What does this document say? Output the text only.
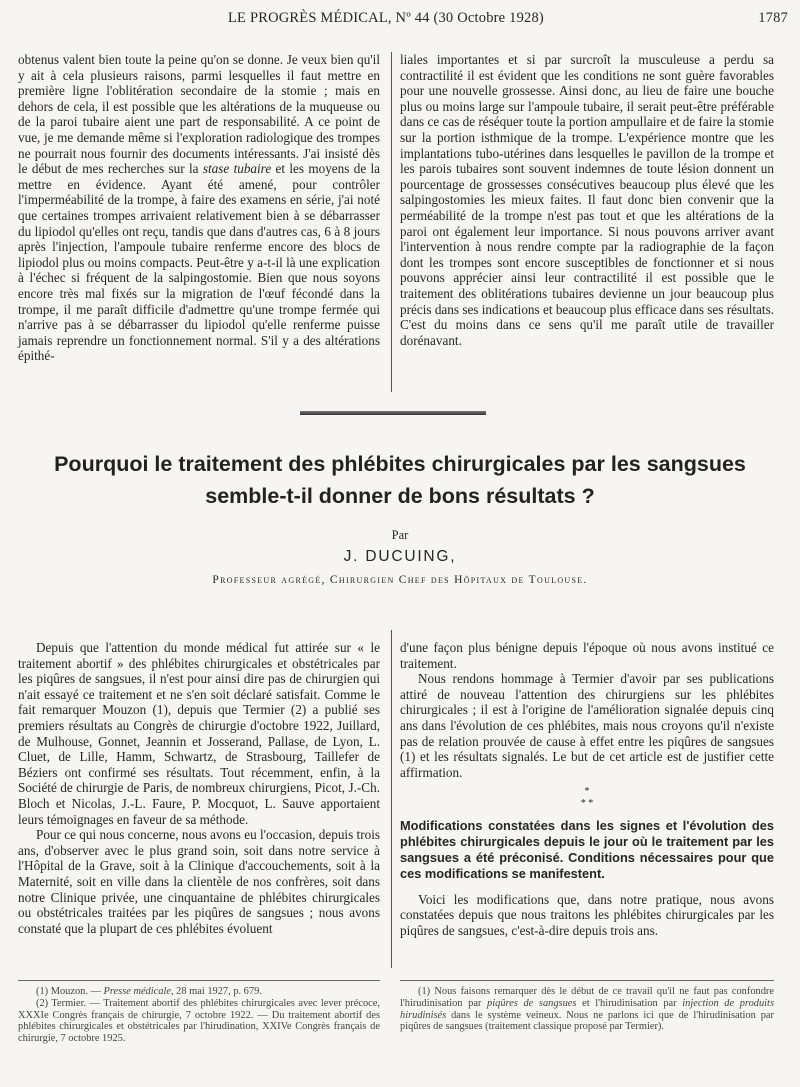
LE PROGRÈS MÉDICAL, Nº 44 (30 Octobre 1928)	1787

obtenus valent bien toute la peine qu'on se donne. Je veux bien qu'il y ait à cela plusieurs raisons, parmi lesquelles il faut mettre en première ligne l'oblitération secondaire de la stomie ; mais en dehors de cela, il est possible que les altérations de la muqueuse ou de la paroi tubaire aient une part de responsabilité. A ce point de vue, je me demande même si l'exploration radiologique des trompes ne pourrait nous fournir des documents intéressants. J'ai insisté dès le début de mes recherches sur la stase tubaire et les moyens de la mettre en évidence. Ayant été amené, pour contrôler l'imperméabilité de la trompe, à faire des examens en série, j'ai noté que certaines trompes arrivaient relativement bien à se débarrasser du lipiodol qu'elles ont reçu, tandis que dans d'autres cas, 6 à 8 jours après l'injection, l'ampoule tubaire renferme encore des blocs de lipiodol plus ou moins compacts. Peut-être y a-t-il là une explication à l'échec si fréquent de la salpingostomie. Bien que nous soyons encore très mal fixés sur la migration de l'œuf fécondé dans la trompe, il me paraît difficile d'admettre qu'une trompe fermée qui n'arrive pas à se débarrasser du lipiodol qu'elle renferme puisse jamais reprendre un fonctionnement normal. S'il y a des altérations épithé-

liales importantes et si par surcroît la musculeuse a perdu sa contractilité il est évident que les conditions ne sont guère favorables pour une nouvelle grossesse. Ainsi donc, au lieu de faire une bouche plus ou moins large sur l'ampoule tubaire, il serait peut-être préférable dans ce cas de réséquer toute la portion ampullaire et de faire la stomie sur la portion isthmique de la trompe. L'expérience montre que les implantations tubo-utérines dans lesquelles le pavillon de la trompe et les parois tubaires sont souvent indemnes de toute lésion donnent un pourcentage de grossesses consécutives beaucoup plus élevé que les salpingostomies les mieux faites. Il faut donc bien convenir que la perméabilité de la trompe n'est pas tout et que les altérations de la paroi ont également leur importance. Si nous pouvons arriver avant l'intervention à nous rendre compte par la radiographie de la façon dont les trompes sont encore susceptibles de fonctionner et si nous pouvons apprécier ainsi leur contractilité il est possible que le traitement des oblitérations tubaires devienne un jour beaucoup plus précis dans ses indications et beaucoup plus efficace dans ses résultats. C'est du moins dans ce sens qu'il me paraît utile de travailler dorénavant.

Pourquoi le traitement des phlébites chirurgicales par les sangsues
semble-t-il donner de bons résultats ?
Par
J. DUCUING,
Professeur agrégé, Chirurgien Chef des Hôpitaux de Toulouse.

Depuis que l'attention du monde médical fut attirée sur « le traitement abortif » des phlébites chirurgicales et obstétricales par les piqûres de sangsues, il n'est pour ainsi dire pas de chirurgien qui n'ait essayé ce traitement et ne s'en soit déclaré satisfait. Comme le fait remarquer Mouzon (1), depuis que Termier (2) a publié ses premiers résultats au Congrès de chirurgie d'octobre 1922, Juillard, de Mulhouse, Gonnet, Jeannin et Josserand, Pallase, de Lyon, L. Cluet, de Lille, Hamm, Schwartz, de Strasbourg, Taillefer de Béziers ont confirmé ses résultats. Tout récemment, enfin, à la Société de chirurgie de Paris, de nombreux chirurgiens, Picot, J.-Ch. Bloch et Nicolas, J.-L. Faure, P. Mocquot, L. Sauve apportaient leurs témoignages en faveur de sa méthode.

Pour ce qui nous concerne, nous avons eu l'occasion, depuis trois ans, d'observer avec le plus grand soin, soit dans notre service à l'Hôpital de la Grave, soit à la Clinique d'accouchements, soit à la Maternité, soit en ville dans la clientèle de nos confrères, soit dans notre Clinique privée, une cinquantaine de phlébites chirurgicales ou obstétricales traitées par les piqûres de sangsues ; nous avons constaté que la plupart de ces phlébites évoluent

d'une façon plus bénigne depuis l'époque où nous avons institué ce traitement.

Nous rendons hommage à Termier d'avoir par ses publications attiré de nouveau l'attention des chirurgiens sur les phlébites chirurgicales ; il est à l'origine de l'amélioration signalée depuis cinq ans dans l'évolution de ces phlébites, mais nous croyons qu'il n'existe pas de relation prouvée de cause à effet entre les piqûres de sangsues (1) et les résultats signalés. Le but de cet article est de justifier cette affirmation.

*
* *
Modifications constatées dans les signes et l'évolution des phlébites chirurgicales depuis le jour où le traitement par les sangsues a été préconisé. Conditions nécessaires pour que ces modifications se manifestent.

Voici les modifications que, dans notre pratique, nous avons constatées depuis que nous traitons les phlébites chirurgicales par les piqûres de sangsues, c'est-à-dire depuis trois ans.

(1) Mouzon. — Presse médicale, 28 mai 1927, p. 679.

(2) Termier. — Traitement abortif des phlébites chirurgicales avec lever précoce, XXXIe Congrès français de chirurgie, 7 octobre 1922. — Du traitement abortif des phlébites chirurgicales et obstétricales par l'hirudination, XXIVe Congrès français de chirurgie, 7 octobre 1925.

(1) Nous faisons remarquer dès le début de ce travail qu'il ne faut pas confondre l'hirudinisation par piqûres de sangsues et l'hirudinisation par injection de produits hirudinisés dans le système veineux. Nous ne parlons ici que de l'hirudinisation par piqûres de sangsues (traitement classique proposé par Termier).
